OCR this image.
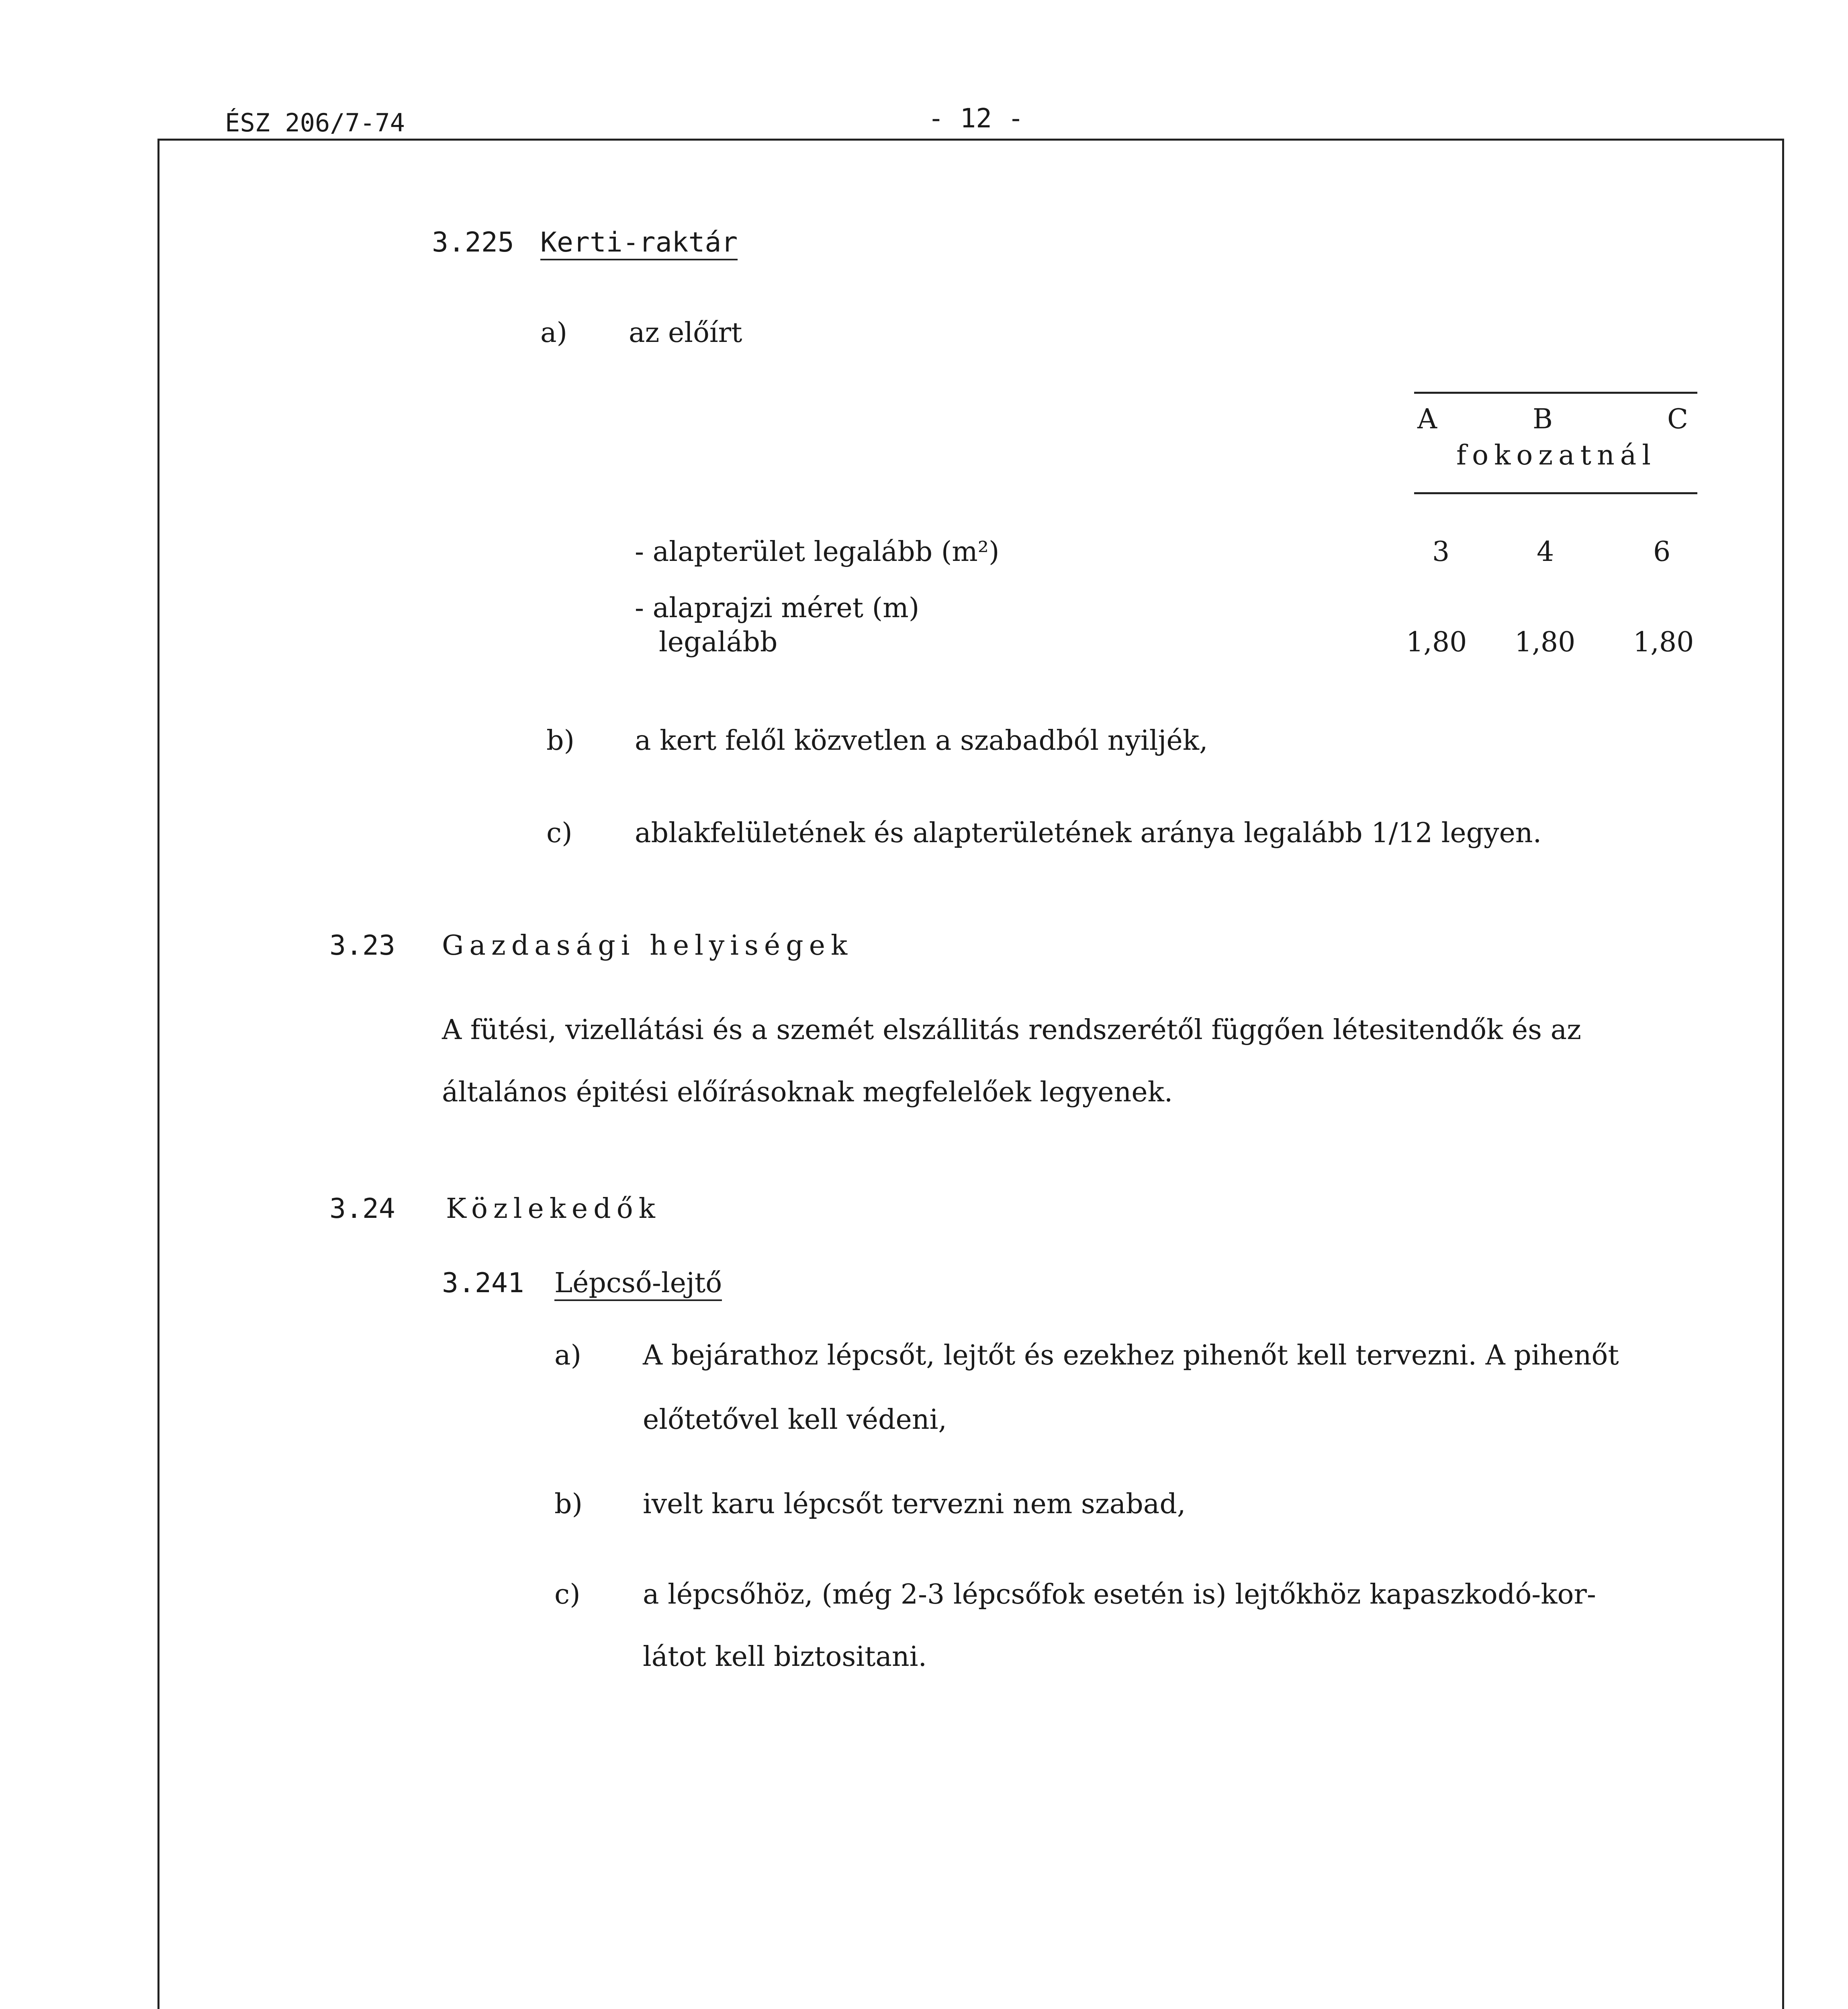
ÉSZ 206/7-74	- 12 -
3.225 Kerti-raktár
a) az előírt
A	B	C
fokozatnál
- alapterület legalább (m²)	3	4	6
- alaprajzi méret (m)
legalább	1,80 1,80 1,80
b) a kert felől közvetlen a szabadból nyiljék,
c) ablakfelületének és alapterületének aránya legalább 1/12 legyen.
3.23 Gazdasági helyiségek
A fütési, vizellátási és a szemét elszállitás rendszerétől függően létesitendők és az
általános épitési előírásoknak megfelelőek legyenek.
3.24 Közlekedők
3.241 Lépcső-lejtő
a) A bejárathoz lépcsőt, lejtőt és ezekhez pihenőt kell tervezni. A pihenőt
előtetővel kell védeni,
b) ivelt karu lépcsőt tervezni nem szabad,
c) a lépcsőhöz, (még 2-3 lépcsőfok esetén is) lejtőkhöz kapaszkodó-kor-
látot kell biztositani.
